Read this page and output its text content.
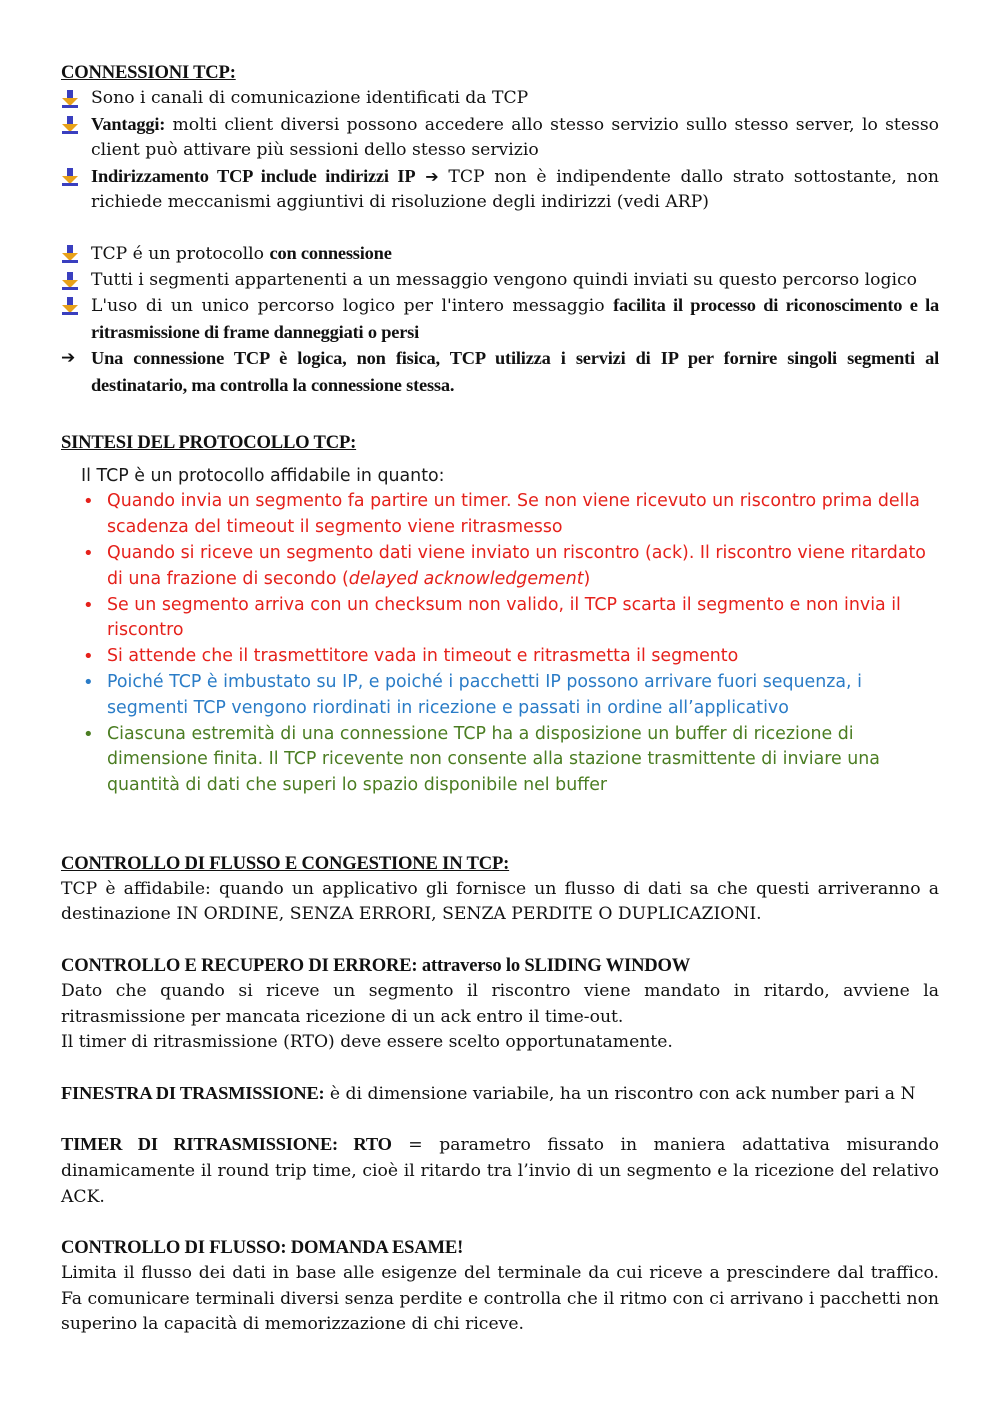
CONNESSIONI TCP:
Sono i canali di comunicazione identificati da TCP
Vantaggi: molti client diversi possono accedere allo stesso servizio sullo stesso server, lo stesso client può attivare più sessioni dello stesso servizio
Indirizzamento TCP include indirizzi IP ➔ TCP non è indipendente dallo strato sottostante, non richiede meccanismi aggiuntivi di risoluzione degli indirizzi (vedi ARP)
TCP é un protocollo con connessione
Tutti i segmenti appartenenti a un messaggio vengono quindi inviati su questo percorso logico
L'uso di un unico percorso logico per l'intero messaggio facilita il processo di riconoscimento e la ritrasmissione di frame danneggiati o persi
➔ Una connessione TCP è logica, non fisica, TCP utilizza i servizi di IP per fornire singoli segmenti al destinatario, ma controlla la connessione stessa.
SINTESI DEL PROTOCOLLO TCP:
Il TCP è un protocollo affidabile in quanto:
• Quando invia un segmento fa partire un timer. Se non viene ricevuto un riscontro prima della scadenza del timeout il segmento viene ritrasmesso
• Quando si riceve un segmento dati viene inviato un riscontro (ack). Il riscontro viene ritardato di una frazione di secondo (delayed acknowledgement)
• Se un segmento arriva con un checksum non valido, il TCP scarta il segmento e non invia il riscontro
• Si attende che il trasmettitore vada in timeout e ritrasmetta il segmento
• Poiché TCP è imbustato su IP, e poiché i pacchetti IP possono arrivare fuori sequenza, i segmenti TCP vengono riordinati in ricezione e passati in ordine all’applicativo
• Ciascuna estremità di una connessione TCP ha a disposizione un buffer di ricezione di dimensione finita. Il TCP ricevente non consente alla stazione trasmittente di inviare una quantità di dati che superi lo spazio disponibile nel buffer
CONTROLLO DI FLUSSO E CONGESTIONE IN TCP:
TCP è affidabile: quando un applicativo gli fornisce un flusso di dati sa che questi arriveranno a destinazione IN ORDINE, SENZA ERRORI, SENZA PERDITE O DUPLICAZIONI.
CONTROLLO E RECUPERO DI ERRORE: attraverso lo SLIDING WINDOW
Dato che quando si riceve un segmento il riscontro viene mandato in ritardo, avviene la ritrasmissione per mancata ricezione di un ack entro il time-out.
Il timer di ritrasmissione (RTO) deve essere scelto opportunatamente.
FINESTRA DI TRASMISSIONE: è di dimensione variabile, ha un riscontro con ack number pari a N
TIMER DI RITRASMISSIONE: RTO = parametro fissato in maniera adattativa misurando dinamicamente il round trip time, cioè il ritardo tra l’invio di un segmento e la ricezione del relativo ACK.
CONTROLLO DI FLUSSO: DOMANDA ESAME!
Limita il flusso dei dati in base alle esigenze del terminale da cui riceve a prescindere dal traffico. Fa comunicare terminali diversi senza perdite e controlla che il ritmo con ci arrivano i pacchetti non superino la capacità di memorizzazione di chi riceve.
